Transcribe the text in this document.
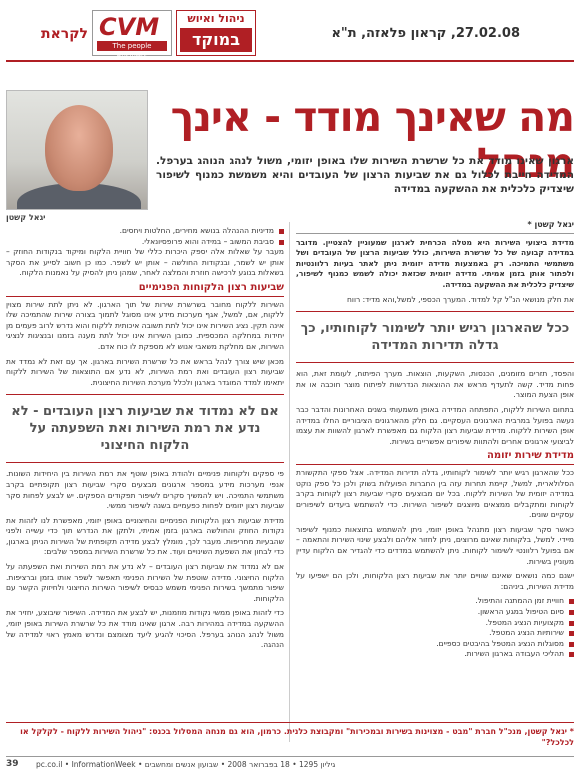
לקראת CVM
The people Business
ניהול ואיוש
במוקד	27.02.08, קראון פלאזה, ת"א
מה שאינך מודד - אינך מנהל
ארגון שאינו מודד את כל שרשרת השירות שלו באופן יזומי, משול לנהג הנוהג בערפל. המדידה חייבת לכלול גם את שביעות הרצון של העובדים והיא משמשת כמנוף לשיפור שיצדיק כלכלית את ההשקעה במדידה
יגאל קשטן
יגאל קשטן *

מדידת ביצועי השירות היא מטלה הכרחית לארגון שמעוניין להצטיין. מדובר במדידה קבועה של כל שרשרת השירות, כולל שביעות הרצון של העובדים ושל משתמשי התמיכה. רק באמצעות מדידה יזומית ניתן לאתר בעיות רלוונטיות ולפתור אותן בזמן אמיתי. מדידה יזומית שכזאת יכולה לשמש כמנוף לשיפור, שיצדיק כלכלית את ההשקעה במדידה.

את חלק מנושאי הנ"ל קל למדוד. המערך הכספי, למשל,והא מדיד: רווח

ככל שהארגון רגיש יותר לשימור לקוחותיו, כך גדלה תדירות המדידה

והפסד, תזרים מזומנים, הכנסות, השקעות, הוצאות. מערך הפיתוח, לעומת זאת, הוא פחות מדיד. קשה לתעדף מראש את ההוצאות הנדרשות לפיתוח מוצר חוכבה או את אופן הצעת המוצר.

בתחום השירות ללקוח, התפתחה המדידה באופן משמעותי בשנים האחרונות והדבר כבר נעשה בפועל במרבית הארגונים העסקיים. גם חלק מהארגונים הציבוריים החלו במדידה אופן השירות ללקוח. מדידת שביעות רצון הלקוח גם מאפשרת לארגון להשוות את עצמו לביצועי ארגונים אחרים ולהתוות שיפורים אפשריים בשירות.

מדידת שירות יזומה

ככל שהארגון רגיש יותר לשימור לקוחותיו, גדלה תדירות המדידה. אצל ספקי התקשורת הסלולארית, למשל, קיימת תחרות עזה בין החברות הפועלות בשוק ולכן כל ספק נוקט במדידה יזומית של השירות ללקוח. בכל יום מבוצעים סקרי שביעות רצון לקוחות בקרב לקוחות ומתקבלים ממצאים מיוצגים לשיפור השירות. כדי להשתמש ביעדים לשיפורים עסקיים שונים.

כאשר סקר שביעות רצון מתנהל באופן יזומי, ניתן להשתמש בתוצאות כמנוף לשיפור מיידי. למשל, בלקוחות שאינם מרוצים, ניתן לחזור אליהם ולבצע שינוי השירות והתאמה – אם בפועל רלוונטי לשימור לקוחות. ניתן להשתמש במדדים כדי להגדיר אם הלקוח עדיין מעוניין בשירות.

ישנם כמה נושאים שאינם שוויים יותר את שביעות רצון הלקוחות, ולכן הם ישפיעו על מדידת השירות, ביניהם:

חוויית זמן ההמתנה והתיפול.
סיום הטיפול במגע הראשון.
מקצועיות הנציג המטפל.
שירותיות הנציג המטפל.
מסוגלות הנציג המטפל בהיבטים כספיים.
תהליכי העבודה בארגון השירות.
מדיניות ההנהלה בנושא מחירים, החלטות ויחסים.
סביבת המשוב – במידה והוא פרופסיונאלי.

מעבר על שאלות אלה יספק היכרות כללי של חוויית הלקוח ומיקוד בנקודות החוזק – אותן יש לשמר, ובנקודות החולשה – אותן יש לשפר. כמו כן חשוב לסייע את הסקר בשאלות בנוגע לרכישה חוזרת והמלצה לאחר, שמהן ניתן להסיק על נאמנות הלקוח.

שביעות רצון הלקוחות הפנימיים

השירות ללקוח מחובר בשרשרת שירות של תוך הארגון. לא ניתן לתת שירות מצוין ללקוח, אם, למשל, אגף מערכות מידע אינו מסוגל לתמוך בצורה שירות שהתמיכה שלו אינה תקין. נציג השירות אינו יכול לתת תשובה איכותית ללקוח והוא נדרש לרוב פעמים מן יחידות במחלקה המכספית. כמובן השירות אינו יכול לתת מענה בזמנו ובנציגות לנציגי השירות, אם מחלקת משאבי אנוש לא מספקת לו כוח אדם.

מכאן שיש צורך לנהל בראש את כל שרשרת השירות בארגון. אך עם זאת לא נמדד את שביעות רצון העובדים ואת רמת השירות, לא נדע אם התוצאות של השירות ללקוח יתאימו למדד המוגדר בארגון ולכלל מערכת השירות החיצונית.

אם לא נמדוד את שביעות רצון העובדים - לא נדע את רמת השירות ואת השפעתה על הלקוח החיצוני

פי ספקים ולקוחות פנימיים ולהודת באופן שוטף את רמת השירות בין היחידות השונות. אנפי מערכות מידע במספר ארגונים מבצעים סקרי שביעות רצון תקופתיים בקרב משתמשי התמיכה. ויש להמשיך סקרים לשיפור תפקודים הספקים. יש לבצע לפחות סקר שביעות רצון יזומים לפחות כפעמיים בשנה לשיפור ממשי.

מדידת שביעות רצון הלקוחות הפנימיים והחיצוניים באופן יזומי, מאפשרת לנו לזהות את נקודות החוזק והחולשה בארגון בזמן אמיתי, ולתקן את הנדרש תוך כדי עשייה ולפני שהבעיות מחריפות. מעבר לכך, מומלץ לבצע מדידה תקופתית של השירות הניתן בארגון, כדי לבחון את השפעת השינויים ועוד. את כל שרשרת השירות במספר שלבים:

אם לא נמדוד את שביעות רצון העובדים – לא נדע את רמת השירות ואת השפעתה על הלקוח החיצוני. מדידה שוטפת של השירות הפנימי תאפשר לשפר אותו בזמן וברציפות. שיפור מתמשך בשירות הפנימי משמש כבסיס לשיפור השירות החיצוני ולחיזוק הקשר עם הלקוחות.

כדי לזהות באופן ממשי נקודות מוזמנות, יש לבצע את המדידה. השיפור שיבוצע, יחזיר את ההשקעה במדידה במהירות רבה. ארגון שאינו מודד את כל שרשרת השירות באופן יזומי, משול לנהג הנוהג בערפל. הסיכוי להגיע ליעד מצומצם ונדרש מאמץ ראוי למדידה של הנהגה.

* יגאל קשטן, מנכ"ל חברת "מבט - מצוינות בשירות ובמכירות" ומקבוצת כלנית. כרמון, הוא גם מנחה המסלול בכנס: "ניהול השירות ללקוח - לקלקל או לכלכל?"
39 pc.co.il • InformationWeek • גיליון 1295 • 18 בפברואר 2008 • שבועון אנשים ומחשבים
